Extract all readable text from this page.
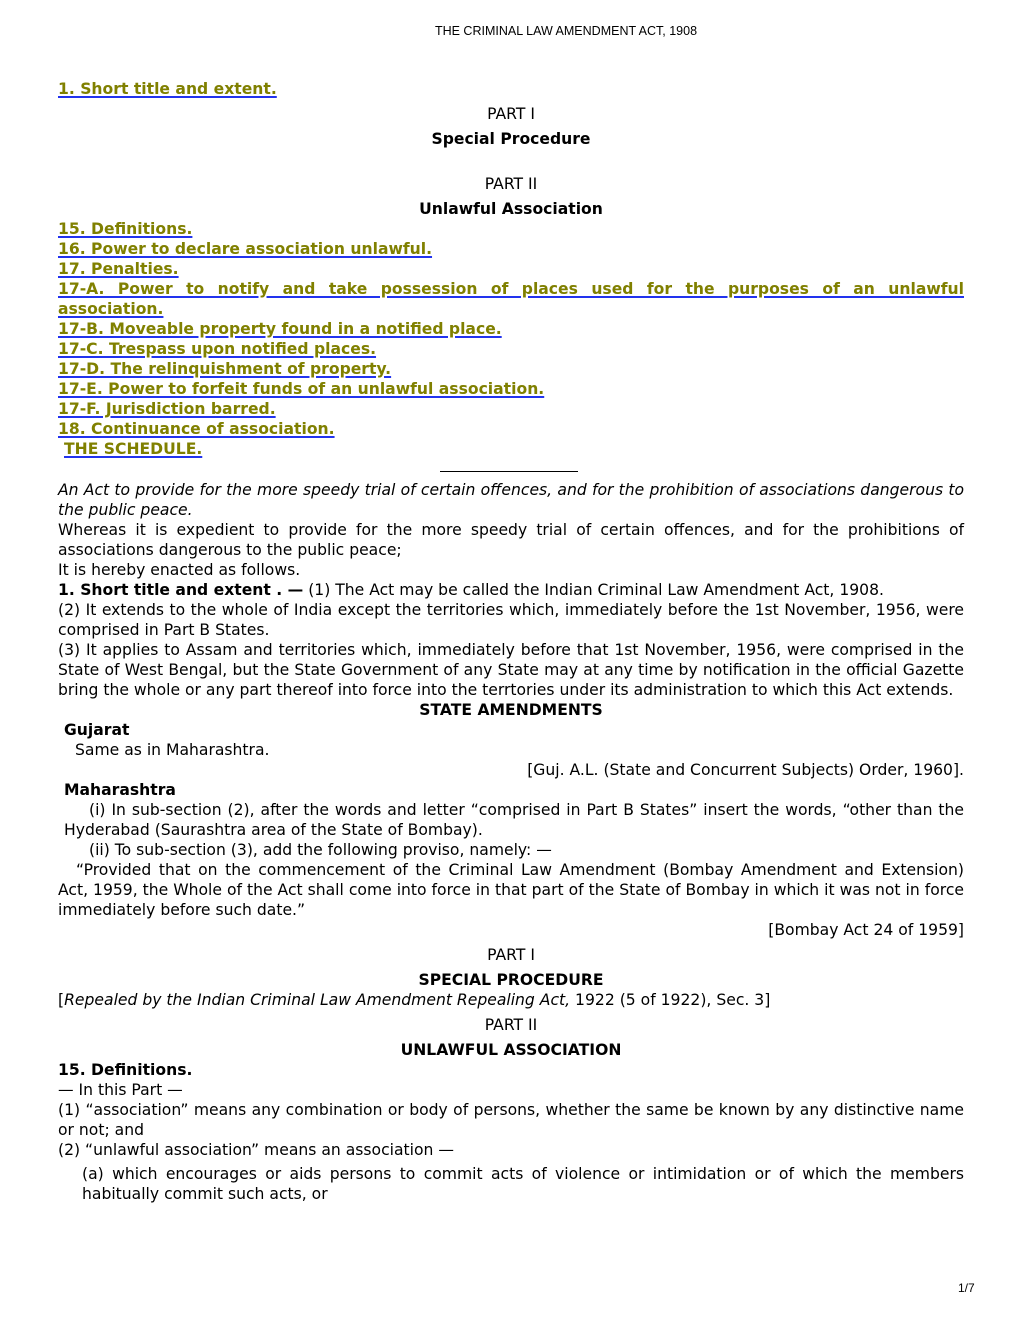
THE CRIMINAL LAW AMENDMENT ACT, 1908
1. Short title and extent.

PART I

Special Procedure

PART II

Unlawful Association

15. Definitions.
16. Power to declare association unlawful.
17. Penalties.
17-A. Power to notify and take possession of places used for the purposes of an unlawful association.
17-B. Moveable property found in a notified place.
17-C. Trespass upon notified places.
17-D. The relinquishment of property.
17-E. Power to forfeit funds of an unlawful association.
17-F. Jurisdiction barred.
18. Continuance of association.
THE SCHEDULE.

An Act to provide for the more speedy trial of certain offences, and for the prohibition of associations dangerous to the public peace.

Whereas it is expedient to provide for the more speedy trial of certain offences, and for the prohibitions of associations dangerous to the public peace;

It is hereby enacted as follows.

1. Short title and extent . — (1) The Act may be called the Indian Criminal Law Amendment Act, 1908.

(2) It extends to the whole of India except the territories which, immediately before the 1st November, 1956, were comprised in Part B States.

(3) It applies to Assam and territories which, immediately before that 1st November, 1956, were comprised in the State of West Bengal, but the State Government of any State may at any time by notification in the official Gazette bring the whole or any part thereof into force into the terrtories under its administration to which this Act extends.

STATE AMENDMENTS

Gujarat

Same as in Maharashtra.

[Guj. A.L. (State and Concurrent Subjects) Order, 1960].

Maharashtra

(i) In sub-section (2), after the words and letter “comprised in Part B States” insert the words, “other than the Hyderabad (Saurashtra area of the State of Bombay).

(ii) To sub-section (3), add the following proviso, namely: —

“Provided that on the commencement of the Criminal Law Amendment (Bombay Amendment and Extension) Act, 1959, the Whole of the Act shall come into force in that part of the State of Bombay in which it was not in force immediately before such date.”

[Bombay Act 24 of 1959]

PART I

SPECIAL PROCEDURE

[Repealed by the Indian Criminal Law Amendment Repealing Act, 1922 (5 of 1922), Sec. 3]

PART II

UNLAWFUL ASSOCIATION

15. Definitions.

— In this Part —

(1) “association” means any combination or body of persons, whether the same be known by any distinctive name or not; and

(2) “unlawful association” means an association —

(a) which encourages or aids persons to commit acts of violence or intimidation or of which the members habitually commit such acts, or

1/7
